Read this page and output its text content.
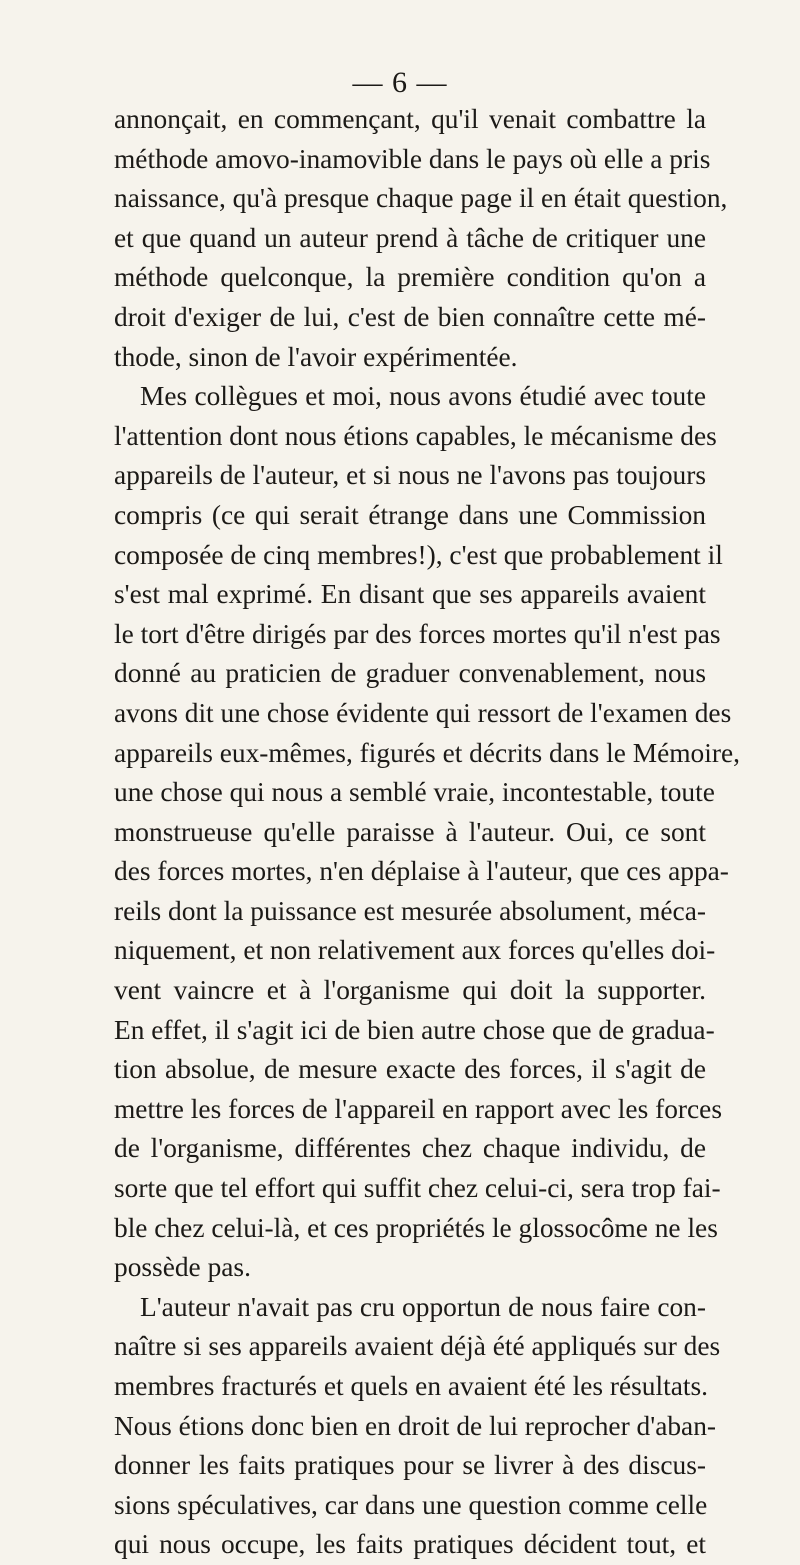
— 6 —
annonçait, en commençant, qu'il venait combattre la
méthode amovo-inamovible dans le pays où elle a pris
naissance, qu'à presque chaque page il en était question,
et que quand un auteur prend à tâche de critiquer une
méthode quelconque, la première condition qu'on a
droit d'exiger de lui, c'est de bien connaître cette mé-
thode, sinon de l'avoir expérimentée.
Mes collègues et moi, nous avons étudié avec toute
l'attention dont nous étions capables, le mécanisme des
appareils de l'auteur, et si nous ne l'avons pas toujours
compris (ce qui serait étrange dans une Commission
composée de cinq membres!), c'est que probablement il
s'est mal exprimé. En disant que ses appareils avaient
le tort d'être dirigés par des forces mortes qu'il n'est pas
donné au praticien de graduer convenablement, nous
avons dit une chose évidente qui ressort de l'examen des
appareils eux-mêmes, figurés et décrits dans le Mémoire,
une chose qui nous a semblé vraie, incontestable, toute
monstrueuse qu'elle paraisse à l'auteur. Oui, ce sont
des forces mortes, n'en déplaise à l'auteur, que ces appa-
reils dont la puissance est mesurée absolument, méca-
niquement, et non relativement aux forces qu'elles doi-
vent vaincre et à l'organisme qui doit la supporter.
En effet, il s'agit ici de bien autre chose que de gradua-
tion absolue, de mesure exacte des forces, il s'agit de
mettre les forces de l'appareil en rapport avec les forces
de l'organisme, différentes chez chaque individu, de
sorte que tel effort qui suffit chez celui-ci, sera trop fai-
ble chez celui-là, et ces propriétés le glossocôme ne les
possède pas.
L'auteur n'avait pas cru opportun de nous faire con-
naître si ses appareils avaient déjà été appliqués sur des
membres fracturés et quels en avaient été les résultats.
Nous étions donc bien en droit de lui reprocher d'aban-
donner les faits pratiques pour se livrer à des discus-
sions spéculatives, car dans une question comme celle
qui nous occupe, les faits pratiques décident tout, et
